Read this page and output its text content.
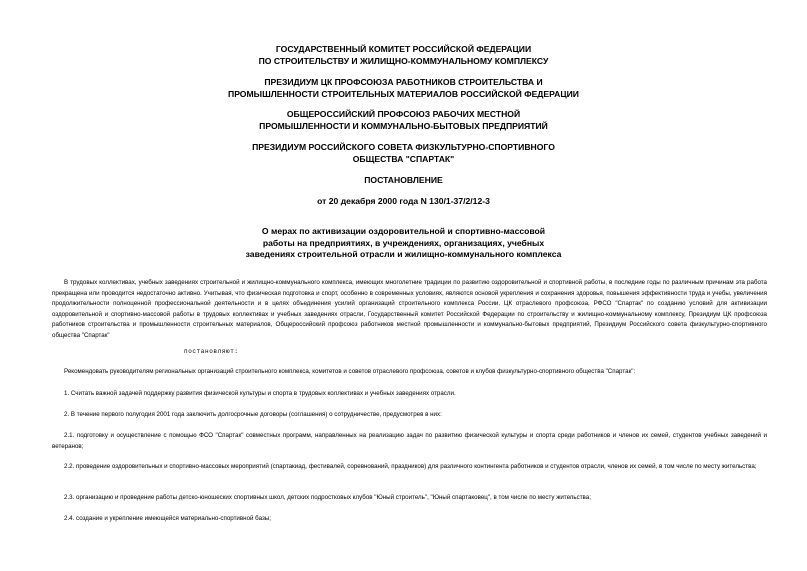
ГОСУДАРСТВЕННЫЙ КОМИТЕТ РОССИЙСКОЙ ФЕДЕРАЦИИ
ПО СТРОИТЕЛЬСТВУ И ЖИЛИЩНО-КОММУНАЛЬНОМУ КОМПЛЕКСУ
ПРЕЗИДИУМ ЦК ПРОФСОЮЗА РАБОТНИКОВ СТРОИТЕЛЬСТВА И
ПРОМЫШЛЕННОСТИ СТРОИТЕЛЬНЫХ МАТЕРИАЛОВ РОССИЙСКОЙ ФЕДЕРАЦИИ
ОБЩЕРОССИЙСКИЙ ПРОФСОЮЗ РАБОЧИХ МЕСТНОЙ
ПРОМЫШЛЕННОСТИ И КОММУНАЛЬНО-БЫТОВЫХ ПРЕДПРИЯТИЙ
ПРЕЗИДИУМ РОССИЙСКОГО СОВЕТА ФИЗКУЛЬТУРНО-СПОРТИВНОГО
ОБЩЕСТВА "СПАРТАК"
ПОСТАНОВЛЕНИЕ
от 20 декабря 2000 года N 130/1-37/2/12-3
О мерах по активизации оздоровительной и спортивно-массовой
работы на предприятиях, в учреждениях, организациях, учебных
заведениях строительной отрасли и жилищно-коммунального комплекса
В трудовых коллективах, учебных заведениях строительной и жилищно-коммунального комплекса, имеющих многолетние традиции по развитию оздоровительной и спортивной работы, в последние годы по различным причинам эта работа прекращена или проводится недостаточно активно. Учитывая, что физическая подготовка и спорт, особенно в современных условиях, являются основой укрепления и сохранения здоровья, повышения эффективности труда и учебы, увеличения продолжительности полноценной профессиональной деятельности и в целях объединения усилий организаций строительного комплекса России, ЦК отраслевого профсоюза, РФСО "Спартак" по созданию условий для активизации оздоровительной и спортивно-массовой работы в трудовых коллективах и учебных заведениях отрасли, Государственный комитет Российской Федерации по строительству и жилищно-коммунальному комплексу, Президиум ЦК профсоюза работников строительства и промышленности строительных материалов, Общероссийский профсоюз работников местной промышленности и коммунально-бытовых предприятий, Президиум Российского совета физкультурно-спортивного общества "Спартак"
постановляют:
Рекомендовать руководителям региональных организаций строительного комплекса, комитетов и советов отраслевого профсоюза, советов и клубов физкультурно-спортивного общества "Спартак":
1. Считать важной задачей поддержку развития физической культуры и спорта в трудовых коллективах и учебных заведениях отрасли.
2. В течение первого полугодия 2001 года заключить долгосрочные договоры (соглашения) о сотрудничестве, предусмотрев в них:
2.1. подготовку и осуществление с помощью ФСО "Спартак" совместных программ, направленных на реализацию задач по развитию физической культуры и спорта среди работников и членов их семей, студентов учебных заведений и ветеранов;
2.2. проведение оздоровительных и спортивно-массовых мероприятий (спартакиад, фестивалей, соревнований, праздников) для различного контингента работников и студентов отрасли, членов их семей, в том числе по месту жительства;
2.3. организацию и проведение работы детско-юношеских спортивных школ, детских подростковых клубов "Юный строитель", "Юный спартаковец", в том числе по месту жительства;
2.4. создание и укрепление имеющейся материально-спортивной базы;
